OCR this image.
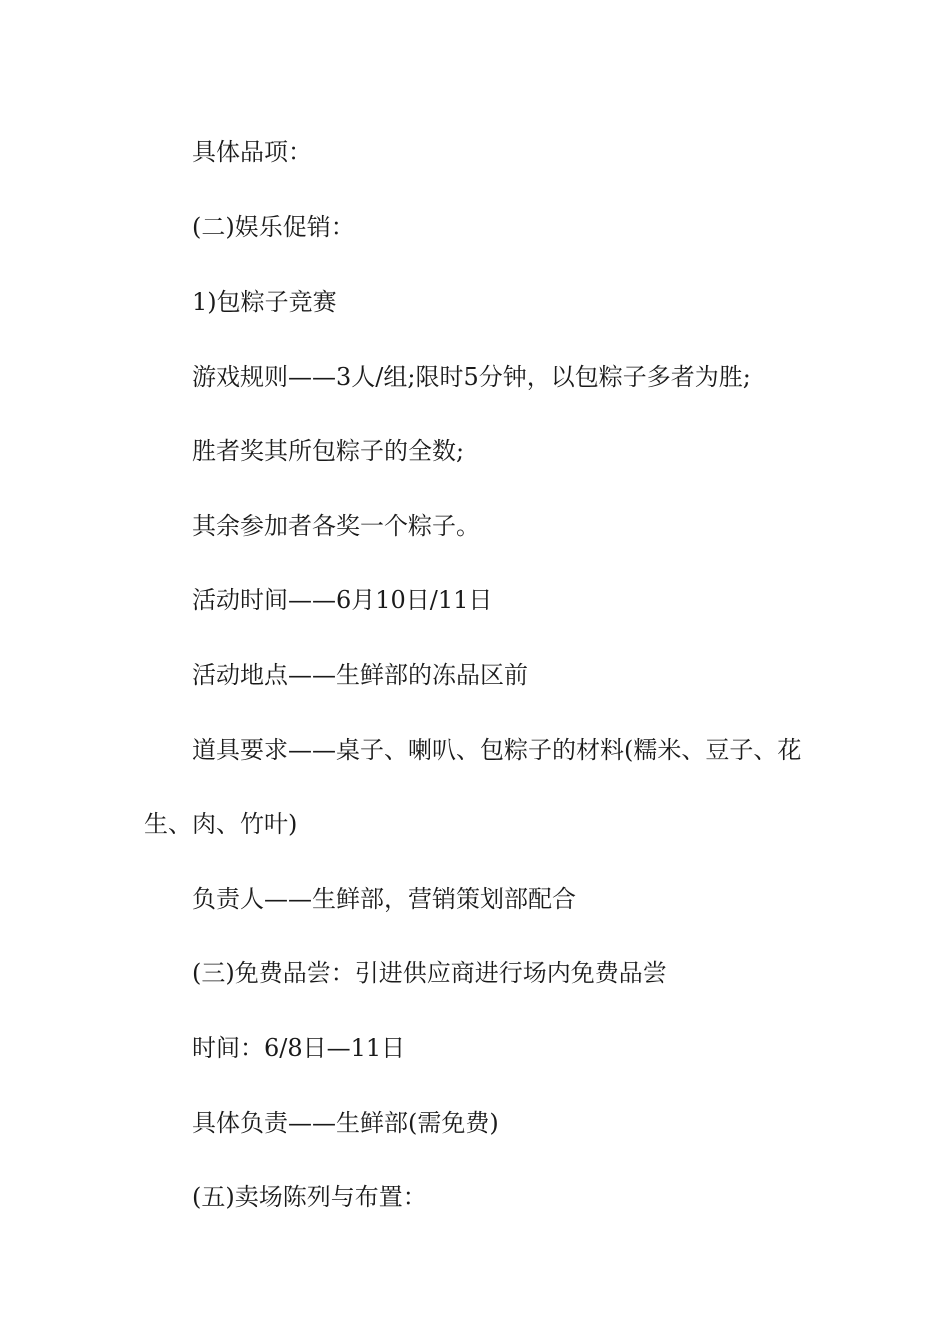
具体品项：
(二)娱乐促销：
1)包粽子竞赛
游戏规则——3人/组;限时5分钟，以包粽子多者为胜;
胜者奖其所包粽子的全数;
其余参加者各奖一个粽子。
活动时间——6月10日/11日
活动地点——生鲜部的冻品区前
道具要求——桌子、喇叭、包粽子的材料(糯米、豆子、花
生、肉、竹叶)
负责人——生鲜部，营销策划部配合
(三)免费品尝：引进供应商进行场内免费品尝
时间：6/8日—11日
具体负责——生鲜部(需免费)
(五)卖场陈列与布置：
